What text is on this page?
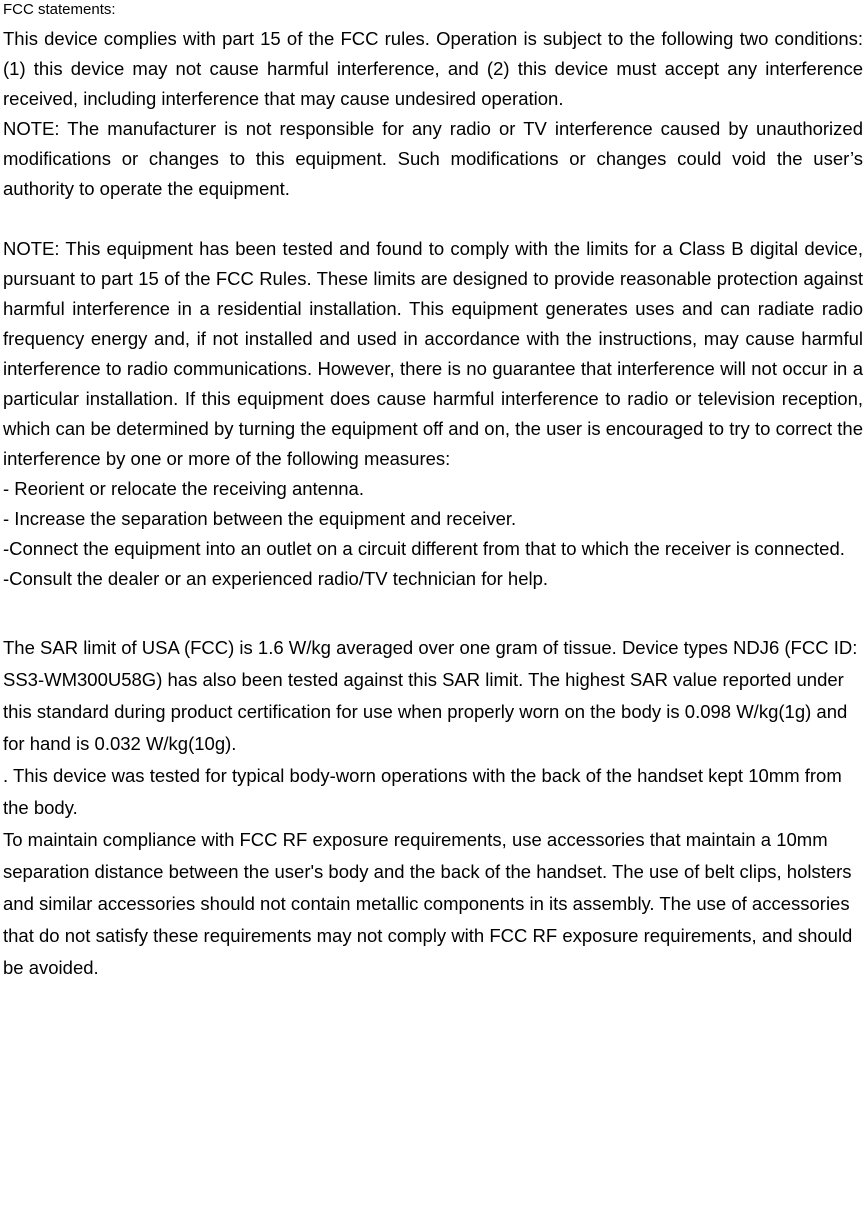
FCC statements:

This device complies with part 15 of the FCC rules. Operation is subject to the following two conditions: (1) this device may not cause harmful interference, and (2) this device must accept any interference received, including interference that may cause undesired operation.

NOTE: The manufacturer is not responsible for any radio or TV interference caused by unauthorized modifications or changes to this equipment. Such modifications or changes could void the user’s authority to operate the equipment.

NOTE: This equipment has been tested and found to comply with the limits for a Class B digital device, pursuant to part 15 of the FCC Rules. These limits are designed to provide reasonable protection against harmful interference in a residential installation. This equipment generates uses and can radiate radio frequency energy and, if not installed and used in accordance with the instructions, may cause harmful interference to radio communications. However, there is no guarantee that interference will not occur in a particular installation. If this equipment does cause harmful interference to radio or television reception, which can be determined by turning the equipment off and on, the user is encouraged to try to correct the interference by one or more of the following measures:

- Reorient or relocate the receiving antenna.

- Increase the separation between the equipment and receiver.

-Connect the equipment into an outlet on a circuit different from that to which the receiver is connected.

-Consult the dealer or an experienced radio/TV technician for help.

The SAR limit of USA (FCC) is 1.6 W/kg averaged over one gram of tissue. Device types NDJ6 (FCC ID: SS3-WM300U58G) has also been tested against this SAR limit. The highest SAR value reported under this standard during product certification for use when properly worn on the body is 0.098 W/kg(1g) and for hand is 0.032 W/kg(10g).

. This device was tested for typical body-worn operations with the back of the handset kept 10mm from the body.

To maintain compliance with FCC RF exposure requirements, use accessories that maintain a 10mm separation distance between the user's body and the back of the handset. The use of belt clips, holsters and similar accessories should not contain metallic components in its assembly. The use of accessories that do not satisfy these requirements may not comply with FCC RF exposure requirements, and should be avoided.
